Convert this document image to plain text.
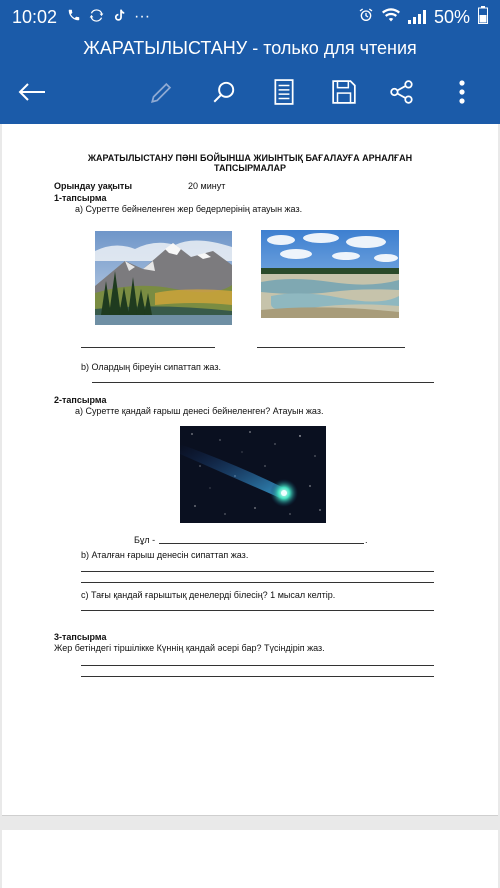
10:02	···	50%
ЖАРАТЫЛЫСТАНУ - только для чтения
ЖАРАТЫЛЫСТАНУ ПӘНІ БОЙЫНША ЖИЫНТЫҚ БАҒАЛАУҒА АРНАЛҒАН
ТАПСЫРМАЛАР
Орындау уақыты	20 минут
1-тапсырма
a) Суретте бейнеленген жер бедерлерінің атауын жаз.
b) Олардың біреуін сипаттап жаз.
2-тапсырма
a) Суретте қандай ғарыш денесі бейнеленген? Атауын жаз.
Бұл -	.
b) Аталған ғарыш денесін сипаттап жаз.
c) Тағы қандай ғарыштық денелерді білесің? 1 мысал келтір.
3-тапсырма
Жер бетіндегі тіршілікке Күннің қандай әсері бар? Түсіндіріп жаз.
